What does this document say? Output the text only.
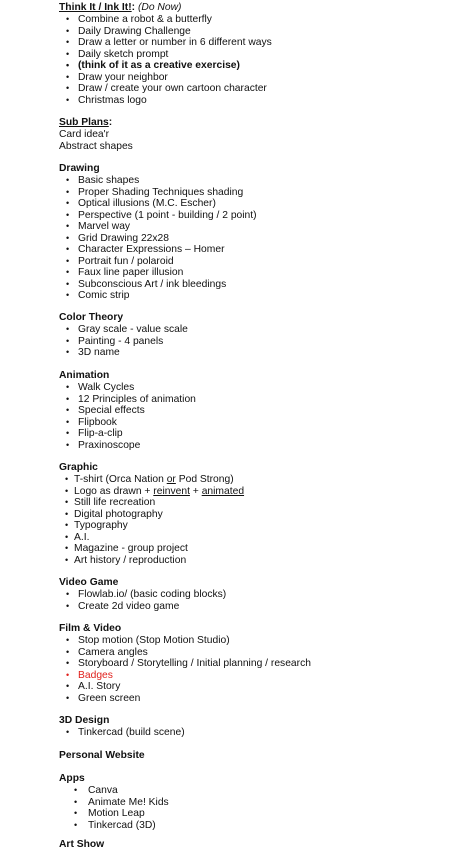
Think It / Ink It!: (Do Now)
• Combine a robot & a butterfly
• Daily Drawing Challenge
• Draw a letter or number in 6 different ways
• Daily sketch prompt
• (think of it as a creative exercise)
• Draw your neighbor
• Draw / create your own cartoon character
• Christmas logo
Sub Plans:
Card idea'r
Abstract shapes
Drawing
• Basic shapes
• Proper Shading Techniques shading
• Optical illusions (M.C. Escher)
• Perspective (1 point - building / 2 point)
• Marvel way
• Grid Drawing 22x28
• Character Expressions – Homer
• Portrait fun / polaroid
• Faux line paper illusion
• Subconscious Art / ink bleedings
• Comic strip
Color Theory
• Gray scale - value scale
• Painting - 4 panels
• 3D name
Animation
• Walk Cycles
• 12 Principles of animation
• Special effects
• Flipbook
• Flip-a-clip
• Praxinoscope
Graphic
• T-shirt (Orca Nation or Pod Strong)
• Logo as drawn + reinvent + animated
• Still life recreation
• Digital photography
• Typography
• A.I.
• Magazine - group project
• Art history / reproduction
Video Game
• Flowlab.io/ (basic coding blocks)
• Create 2d video game
Film & Video
• Stop motion (Stop Motion Studio)
• Camera angles
• Storyboard / Storytelling / Initial planning / research
• Badges
• A.I. Story
• Green screen
3D Design
• Tinkercad (build scene)
Personal Website
Apps
• Canva
• Animate Me! Kids
• Motion Leap
• Tinkercad (3D)
Art Show
